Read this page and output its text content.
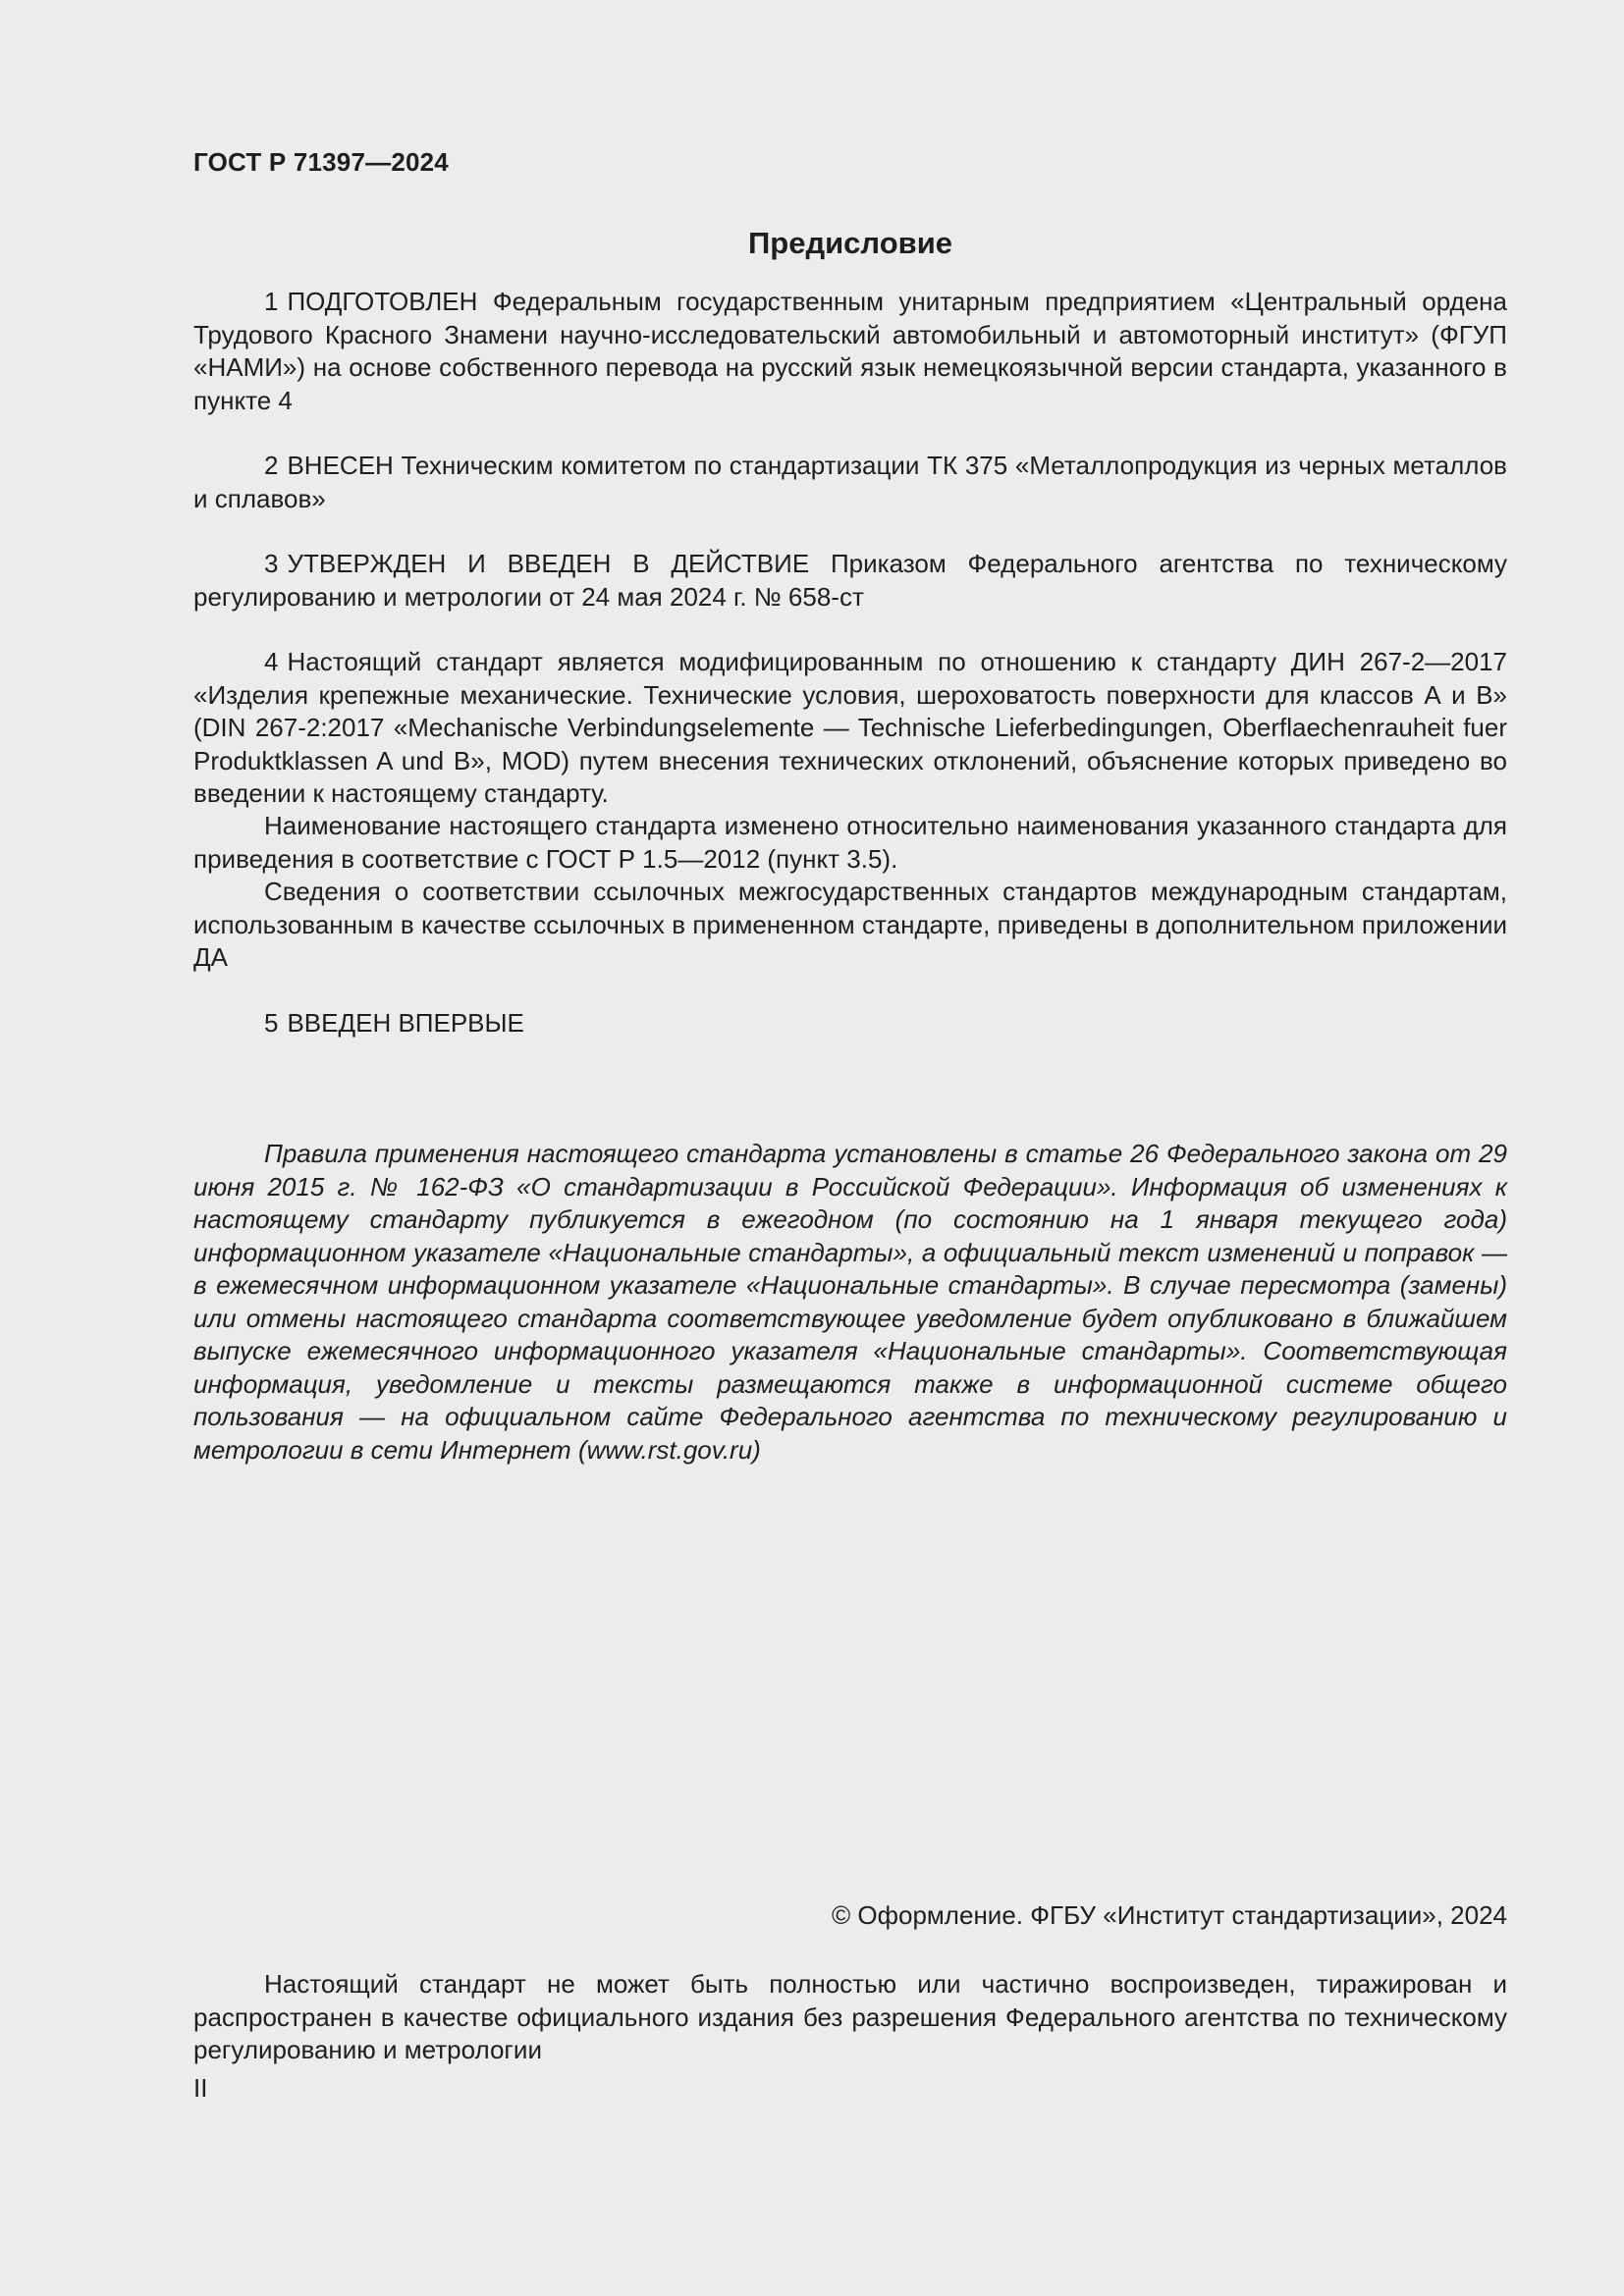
ГОСТ Р 71397—2024
Предисловие

1 ПОДГОТОВЛЕН Федеральным государственным унитарным предприятием «Центральный ордена Трудового Красного Знамени научно-исследовательский автомобильный и автомоторный институт» (ФГУП «НАМИ») на основе собственного перевода на русский язык немецкоязычной версии стандарта, указанного в пункте 4

2 ВНЕСЕН Техническим комитетом по стандартизации ТК 375 «Металлопродукция из черных металлов и сплавов»

3 УТВЕРЖДЕН И ВВЕДЕН В ДЕЙСТВИЕ Приказом Федерального агентства по техническому регулированию и метрологии от 24 мая 2024 г. № 658-ст

4 Настоящий стандарт является модифицированным по отношению к стандарту ДИН 267-2—2017 «Изделия крепежные механические. Технические условия, шероховатость поверхности для классов А и В» (DIN 267-2:2017 «Mechanische Verbindungselemente — Technische Lieferbedingungen, Oberflaechenrauheit fuer Produktklassen A und B», MOD) путем внесения технических отклонений, объяснение которых приведено во введении к настоящему стандарту.

Наименование настоящего стандарта изменено относительно наименования указанного стандарта для приведения в соответствие с ГОСТ Р 1.5—2012 (пункт 3.5).

Сведения о соответствии ссылочных межгосударственных стандартов международным стандартам, использованным в качестве ссылочных в примененном стандарте, приведены в дополнительном приложении ДА

5 ВВЕДЕН ВПЕРВЫЕ

Правила применения настоящего стандарта установлены в статье 26 Федерального закона от 29 июня 2015 г. № 162-ФЗ «О стандартизации в Российской Федерации». Информация об изменениях к настоящему стандарту публикуется в ежегодном (по состоянию на 1 января текущего года) информационном указателе «Национальные стандарты», а официальный текст изменений и поправок — в ежемесячном информационном указателе «Национальные стандарты». В случае пересмотра (замены) или отмены настоящего стандарта соответствующее уведомление будет опубликовано в ближайшем выпуске ежемесячного информационного указателя «Национальные стандарты». Соответствующая информация, уведомление и тексты размещаются также в информационной системе общего пользования — на официальном сайте Федерального агентства по техническому регулированию и метрологии в сети Интернет (www.rst.gov.ru)

© Оформление. ФГБУ «Институт стандартизации», 2024

Настоящий стандарт не может быть полностью или частично воспроизведен, тиражирован и распространен в качестве официального издания без разрешения Федерального агентства по техническому регулированию и метрологии

II
